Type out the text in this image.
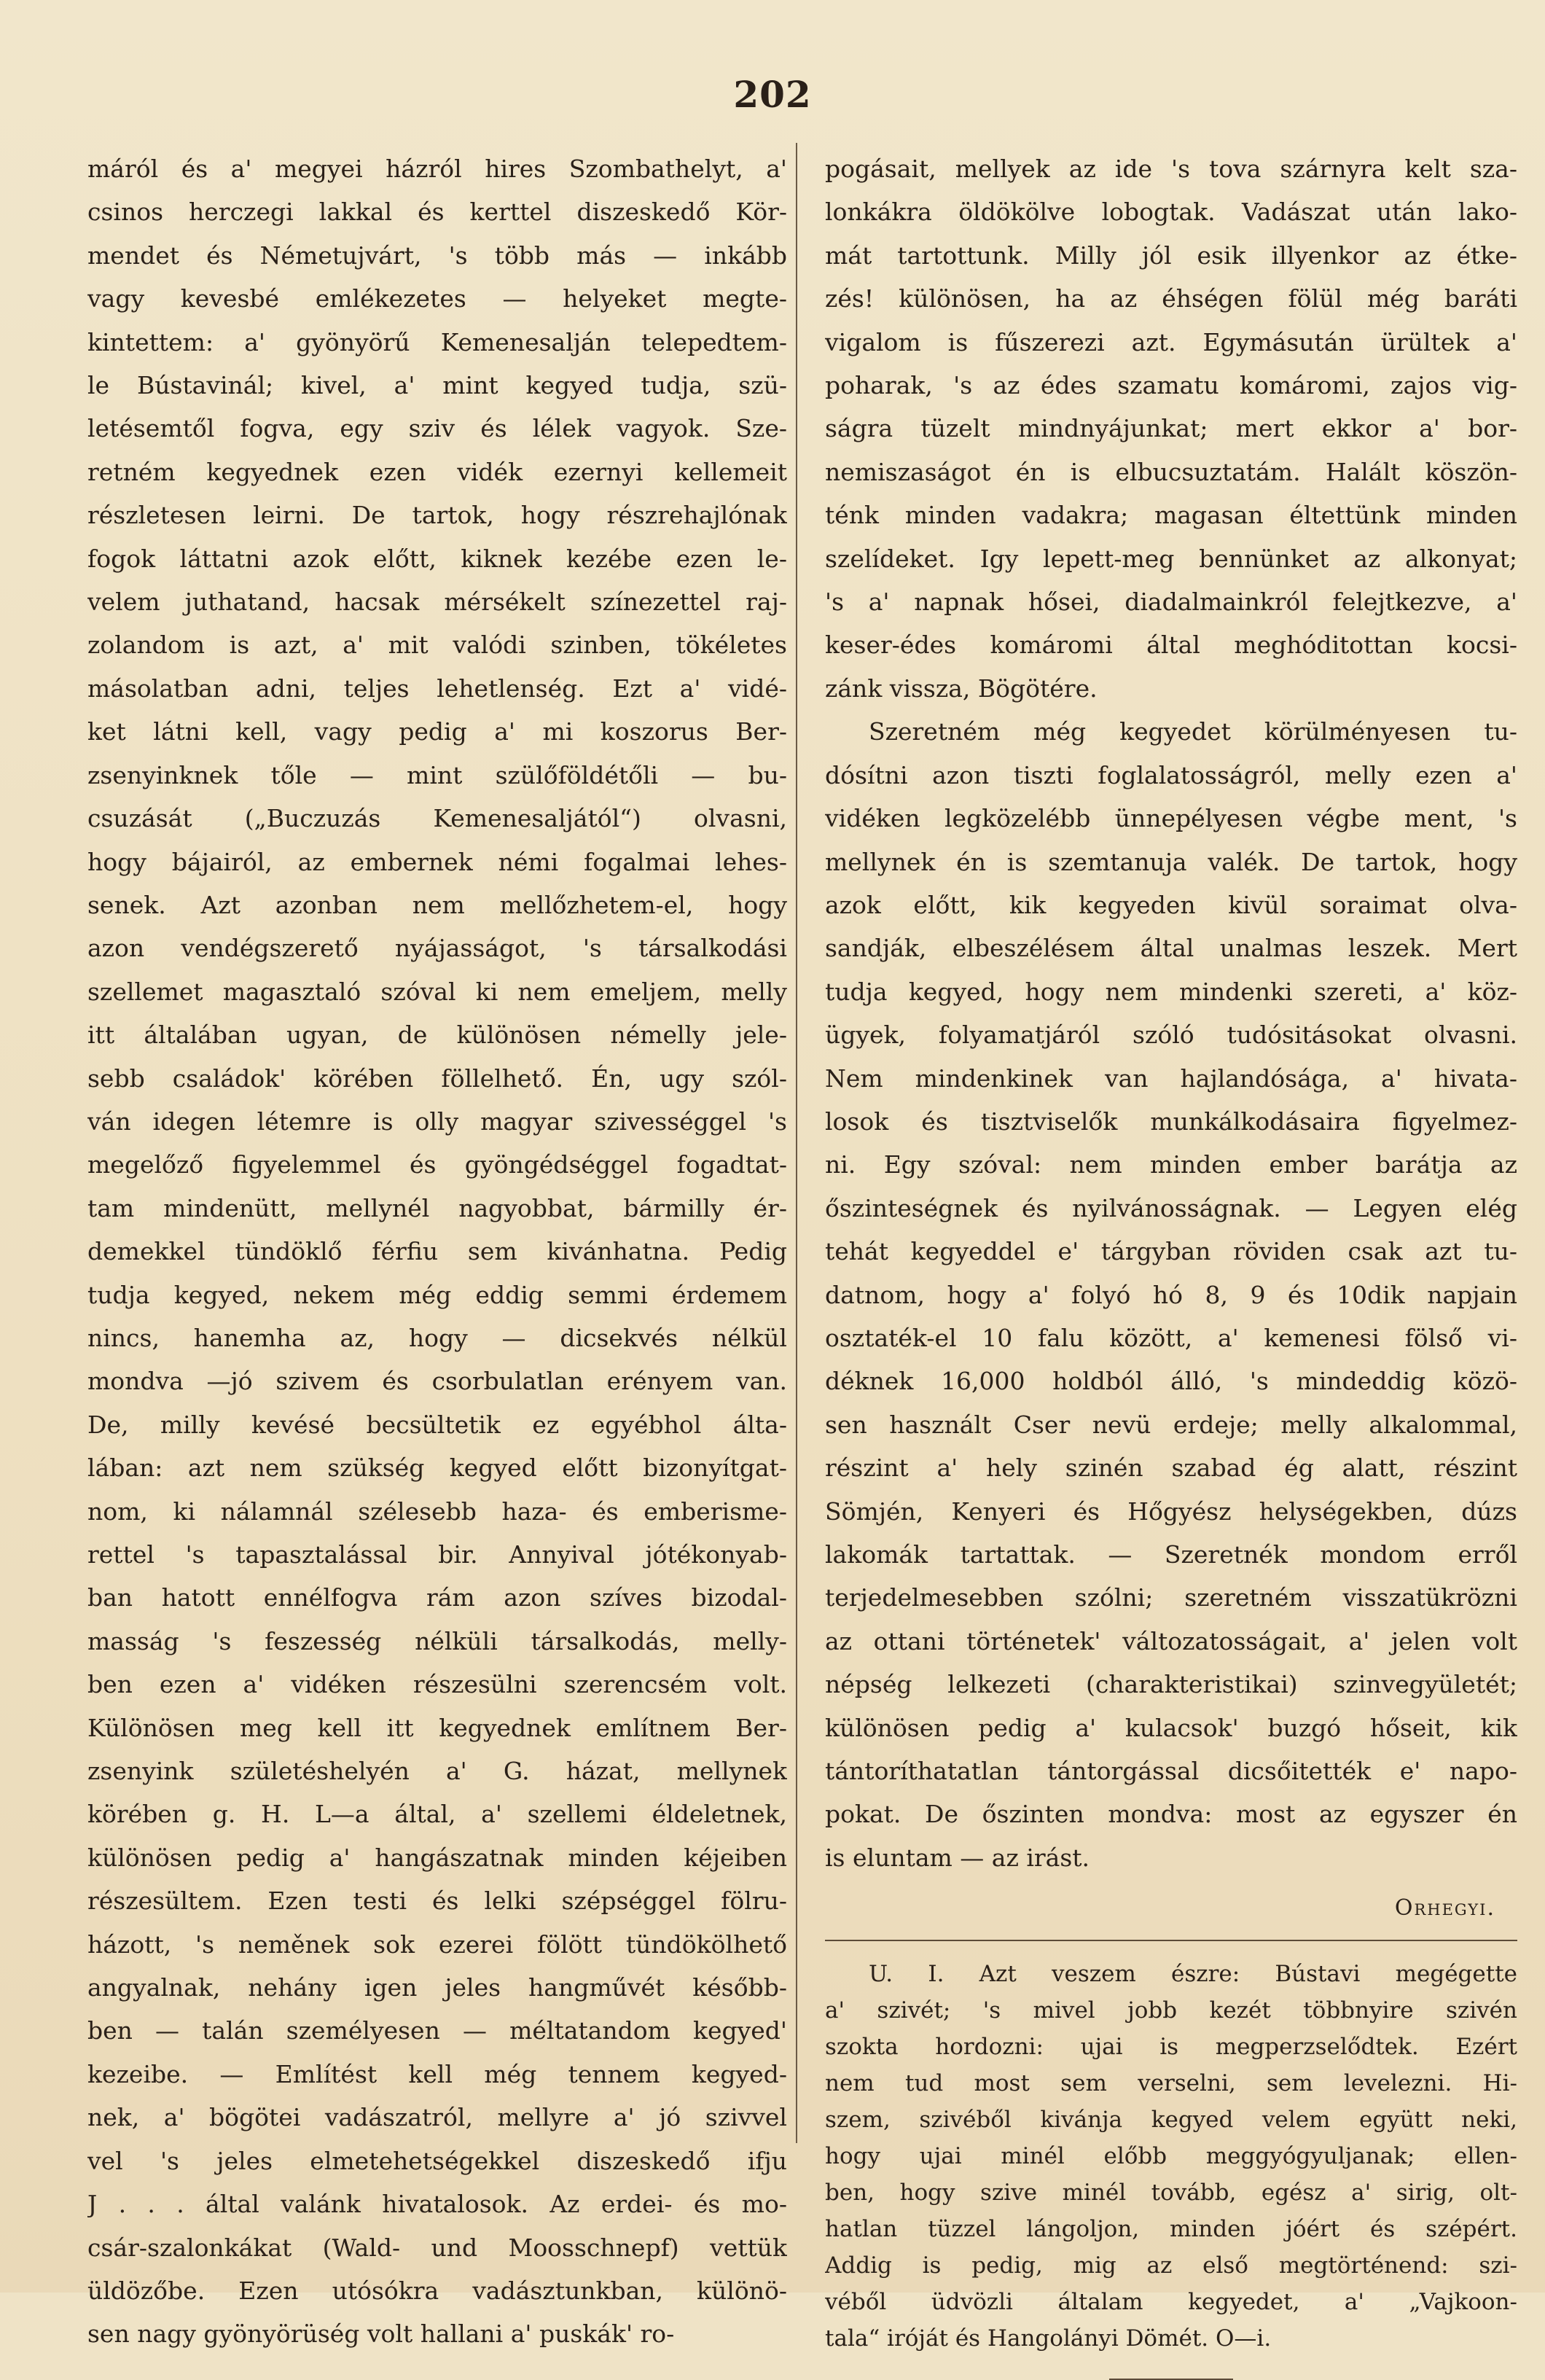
202
máról és a' megyei házról hires Szombathelyt, a'
csinos herczegi lakkal és kerttel diszeskedő Kör-
mendet és Németujvárt, 's több más — inkább
vagy kevesbé emlékezetes — helyeket megte-
kintettem: a' gyönyörű Kemenesalján telepedtem-
le Bústavinál; kivel, a' mint kegyed tudja, szü-
letésemtől fogva, egy sziv és lélek vagyok. Sze-
retném kegyednek ezen vidék ezernyi kellemeit
részletesen leirni. De tartok, hogy részrehajlónak
fogok láttatni azok előtt, kiknek kezébe ezen le-
velem juthatand, hacsak mérsékelt színezettel raj-
zolandom is azt, a' mit valódi szinben, tökéletes
másolatban adni, teljes lehetlenség. Ezt a' vidé-
ket látni kell, vagy pedig a' mi koszorus Ber-
zsenyinknek tőle — mint szülőföldétőli — bu-
csuzását („Buczuzás Kemenesaljától“) olvasni,
hogy bájairól, az embernek némi fogalmai lehes-
senek. Azt azonban nem mellőzhetem-el, hogy
azon vendégszerető nyájasságot, 's társalkodási
szellemet magasztaló szóval ki nem emeljem, melly
itt általában ugyan, de különösen némelly jele-
sebb családok' körében föllelhető. Én, ugy szól-
ván idegen létemre is olly magyar szivességgel 's
megelőző figyelemmel és gyöngédséggel fogadtat-
tam mindenütt, mellynél nagyobbat, bármilly ér-
demekkel tündöklő férfiu sem kivánhatna. Pedig
tudja kegyed, nekem még eddig semmi érdemem
nincs, hanemha az, hogy — dicsekvés nélkül
mondva —jó szivem és csorbulatlan erényem van.
De, milly kevésé becsültetik ez egyébhol álta-
lában: azt nem szükség kegyed előtt bizonyítgat-
nom, ki nálamnál szélesebb haza- és emberisme-
rettel 's tapasztalással bir. Annyival jótékonyab-
ban hatott ennélfogva rám azon szíves bizodal-
masság 's feszesség nélküli társalkodás, melly-
ben ezen a' vidéken részesülni szerencsém volt.
Különösen meg kell itt kegyednek említnem Ber-
zsenyink születéshelyén a' G. házat, mellynek
körében g. H. L—a által, a' szellemi éldeletnek,
különösen pedig a' hangászatnak minden kéjeiben
részesültem. Ezen testi és lelki szépséggel fölru-
házott, 's neměnek sok ezerei fölött tündökölhető
angyalnak, nehány igen jeles hangművét később-
ben — talán személyesen — méltatandom kegyed'
kezeibe. — Említést kell még tennem kegyed-
nek, a' bögötei vadászatról, mellyre a' jó szivvel
vel 's jeles elmetehetségekkel diszeskedő ifju
J . . . által valánk hivatalosok. Az erdei- és mo-
csár-szalonkákat (Wald- und Moosschnepf) vettük
üldözőbe. Ezen utósókra vadásztunkban, különö-
sen nagy gyönyörüség volt hallani a' puskák' ro-
pogásait, mellyek az ide 's tova szárnyra kelt sza-
lonkákra öldökölve lobogtak. Vadászat után lako-
mát tartottunk. Milly jól esik illyenkor az étke-
zés! különösen, ha az éhségen fölül még baráti
vigalom is fűszerezi azt. Egymásután ürültek a'
poharak, 's az édes szamatu komáromi, zajos vig-
ságra tüzelt mindnyájunkat; mert ekkor a' bor-
nemiszaságot én is elbucsuztatám. Halált köszön-
ténk minden vadakra; magasan éltettünk minden
szelídeket. Igy lepett-meg bennünket az alkonyat;
's a' napnak hősei, diadalmainkról felejtkezve, a'
keser-édes komáromi által meghóditottan kocsi-
zánk vissza, Bögötére.
Szeretném még kegyedet körülményesen tu-
dósítni azon tiszti foglalatosságról, melly ezen a'
vidéken legközelébb ünnepélyesen végbe ment, 's
mellynek én is szemtanuja valék. De tartok, hogy
azok előtt, kik kegyeden kivül soraimat olva-
sandják, elbeszélésem által unalmas leszek. Mert
tudja kegyed, hogy nem mindenki szereti, a' köz-
ügyek, folyamatjáról szóló tudósitásokat olvasni.
Nem mindenkinek van hajlandósága, a' hivata-
losok és tisztviselők munkálkodásaira figyelmez-
ni. Egy szóval: nem minden ember barátja az
őszinteségnek és nyilvánosságnak. — Legyen elég
tehát kegyeddel e' tárgyban röviden csak azt tu-
datnom, hogy a' folyó hó 8, 9 és 10dik napjain
osztaték-el 10 falu között, a' kemenesi fölső vi-
déknek 16,000 holdból álló, 's mindeddig közö-
sen használt Cser nevü erdeje; melly alkalommal,
részint a' hely szinén szabad ég alatt, részint
Sömjén, Kenyeri és Hőgyész helységekben, dúzs
lakomák tartattak. — Szeretnék mondom erről
terjedelmesebben szólni; szeretném visszatükrözni
az ottani történetek' változatosságait, a' jelen volt
népség lelkezeti (charakteristikai) szinvegyületét;
különösen pedig a' kulacsok' buzgó hőseit, kik
tántoríthatatlan tántorgással dicsőitették e' napo-
pokat. De őszinten mondva: most az egyszer én
is eluntam — az irást.
Orhegyi.
U. I. Azt veszem észre: Bústavi megégette
a' szivét; 's mivel jobb kezét többnyire szivén
szokta hordozni: ujai is megperzselődtek. Ezért
nem tud most sem verselni, sem levelezni. Hi-
szem, szivéből kivánja kegyed velem együtt neki,
hogy ujai minél előbb meggyógyuljanak; ellen-
ben, hogy szive minél tovább, egész a' sirig, olt-
hatlan tüzzel lángoljon, minden jóért és szépért.
Addig is pedig, mig az első megtörténend: szi-
véből üdvözli általam kegyedet, a' „Vajkoon-
tala“ iróját és Hangolányi Dömét. O—i.
